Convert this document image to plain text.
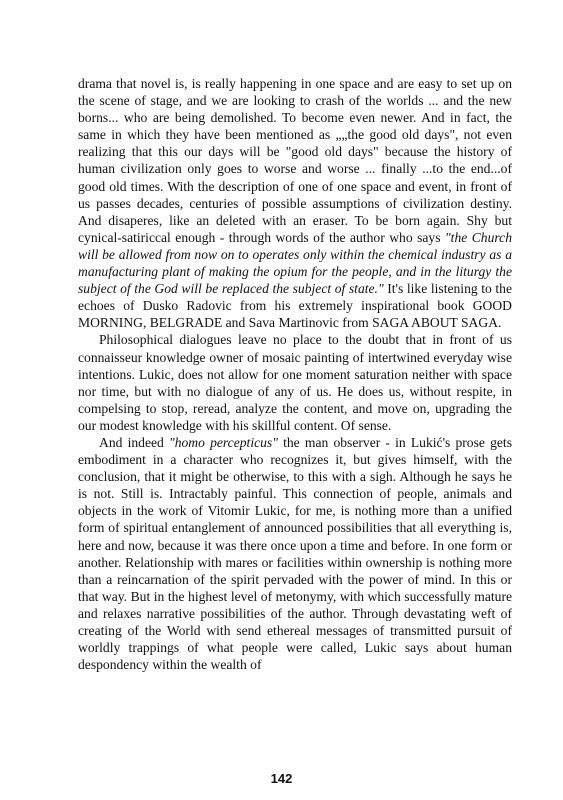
drama that novel is, is really happening in one space and are easy to set up on the scene of stage, and we are looking to crash of the worlds ... and the new borns... who are being demolished. To become even newer. And in fact, the same in which they have been mentioned as „„the good old days", not even realizing that this our days will be "good old days" because the history of human civilization only goes to worse and worse ... finally ...to the end...of good old times. With the description of one of one space and event, in front of us passes decades, centuries of possible assumptions of civilization destiny. And disaperes, like an deleted with an eraser. To be born again. Shy but cynical-satiriccal enough - through words of the author who says "the Church will be allowed from now on to operates only within the chemical industry as a manufacturing plant of making the opium for the people, and in the liturgy the subject of the God will be replaced the subject of state." It's like listening to the echoes of Dusko Radovic from his extremely inspirational book GOOD MORNING, BELGRADE and Sava Martinovic from SAGA ABOUT SAGA.

Philosophical dialogues leave no place to the doubt that in front of us connaisseur knowledge owner of mosaic painting of intertwined everyday wise intentions. Lukic, does not allow for one moment saturation neither with space nor time, but with no dialogue of any of us. He does us, without respite, in compelsing to stop, reread, analyze the content, and move on, upgrading the our modest knowledge with his skillful content. Of sense.

And indeed "homo percepticus" the man observer - in Lukić's prose gets embodiment in a character who recognizes it, but gives himself, with the conclusion, that it might be otherwise, to this with a sigh. Although he says he is not. Still is. Intractably painful. This connection of people, animals and objects in the work of Vitomir Lukic, for me, is nothing more than a unified form of spiritual entanglement of announced possibilities that all everything is, here and now, because it was there once upon a time and before. In one form or another. Relationship with mares or facilities within ownership is nothing more than a reincarnation of the spirit pervaded with the power of mind. In this or that way. But in the highest level of metonymy, with which successfully mature and relaxes narrative possibilities of the author. Through devastating weft of creating of the World with send ethereal messages of transmitted pursuit of worldly trappings of what people were called, Lukic says about human despondency within the wealth of

142
